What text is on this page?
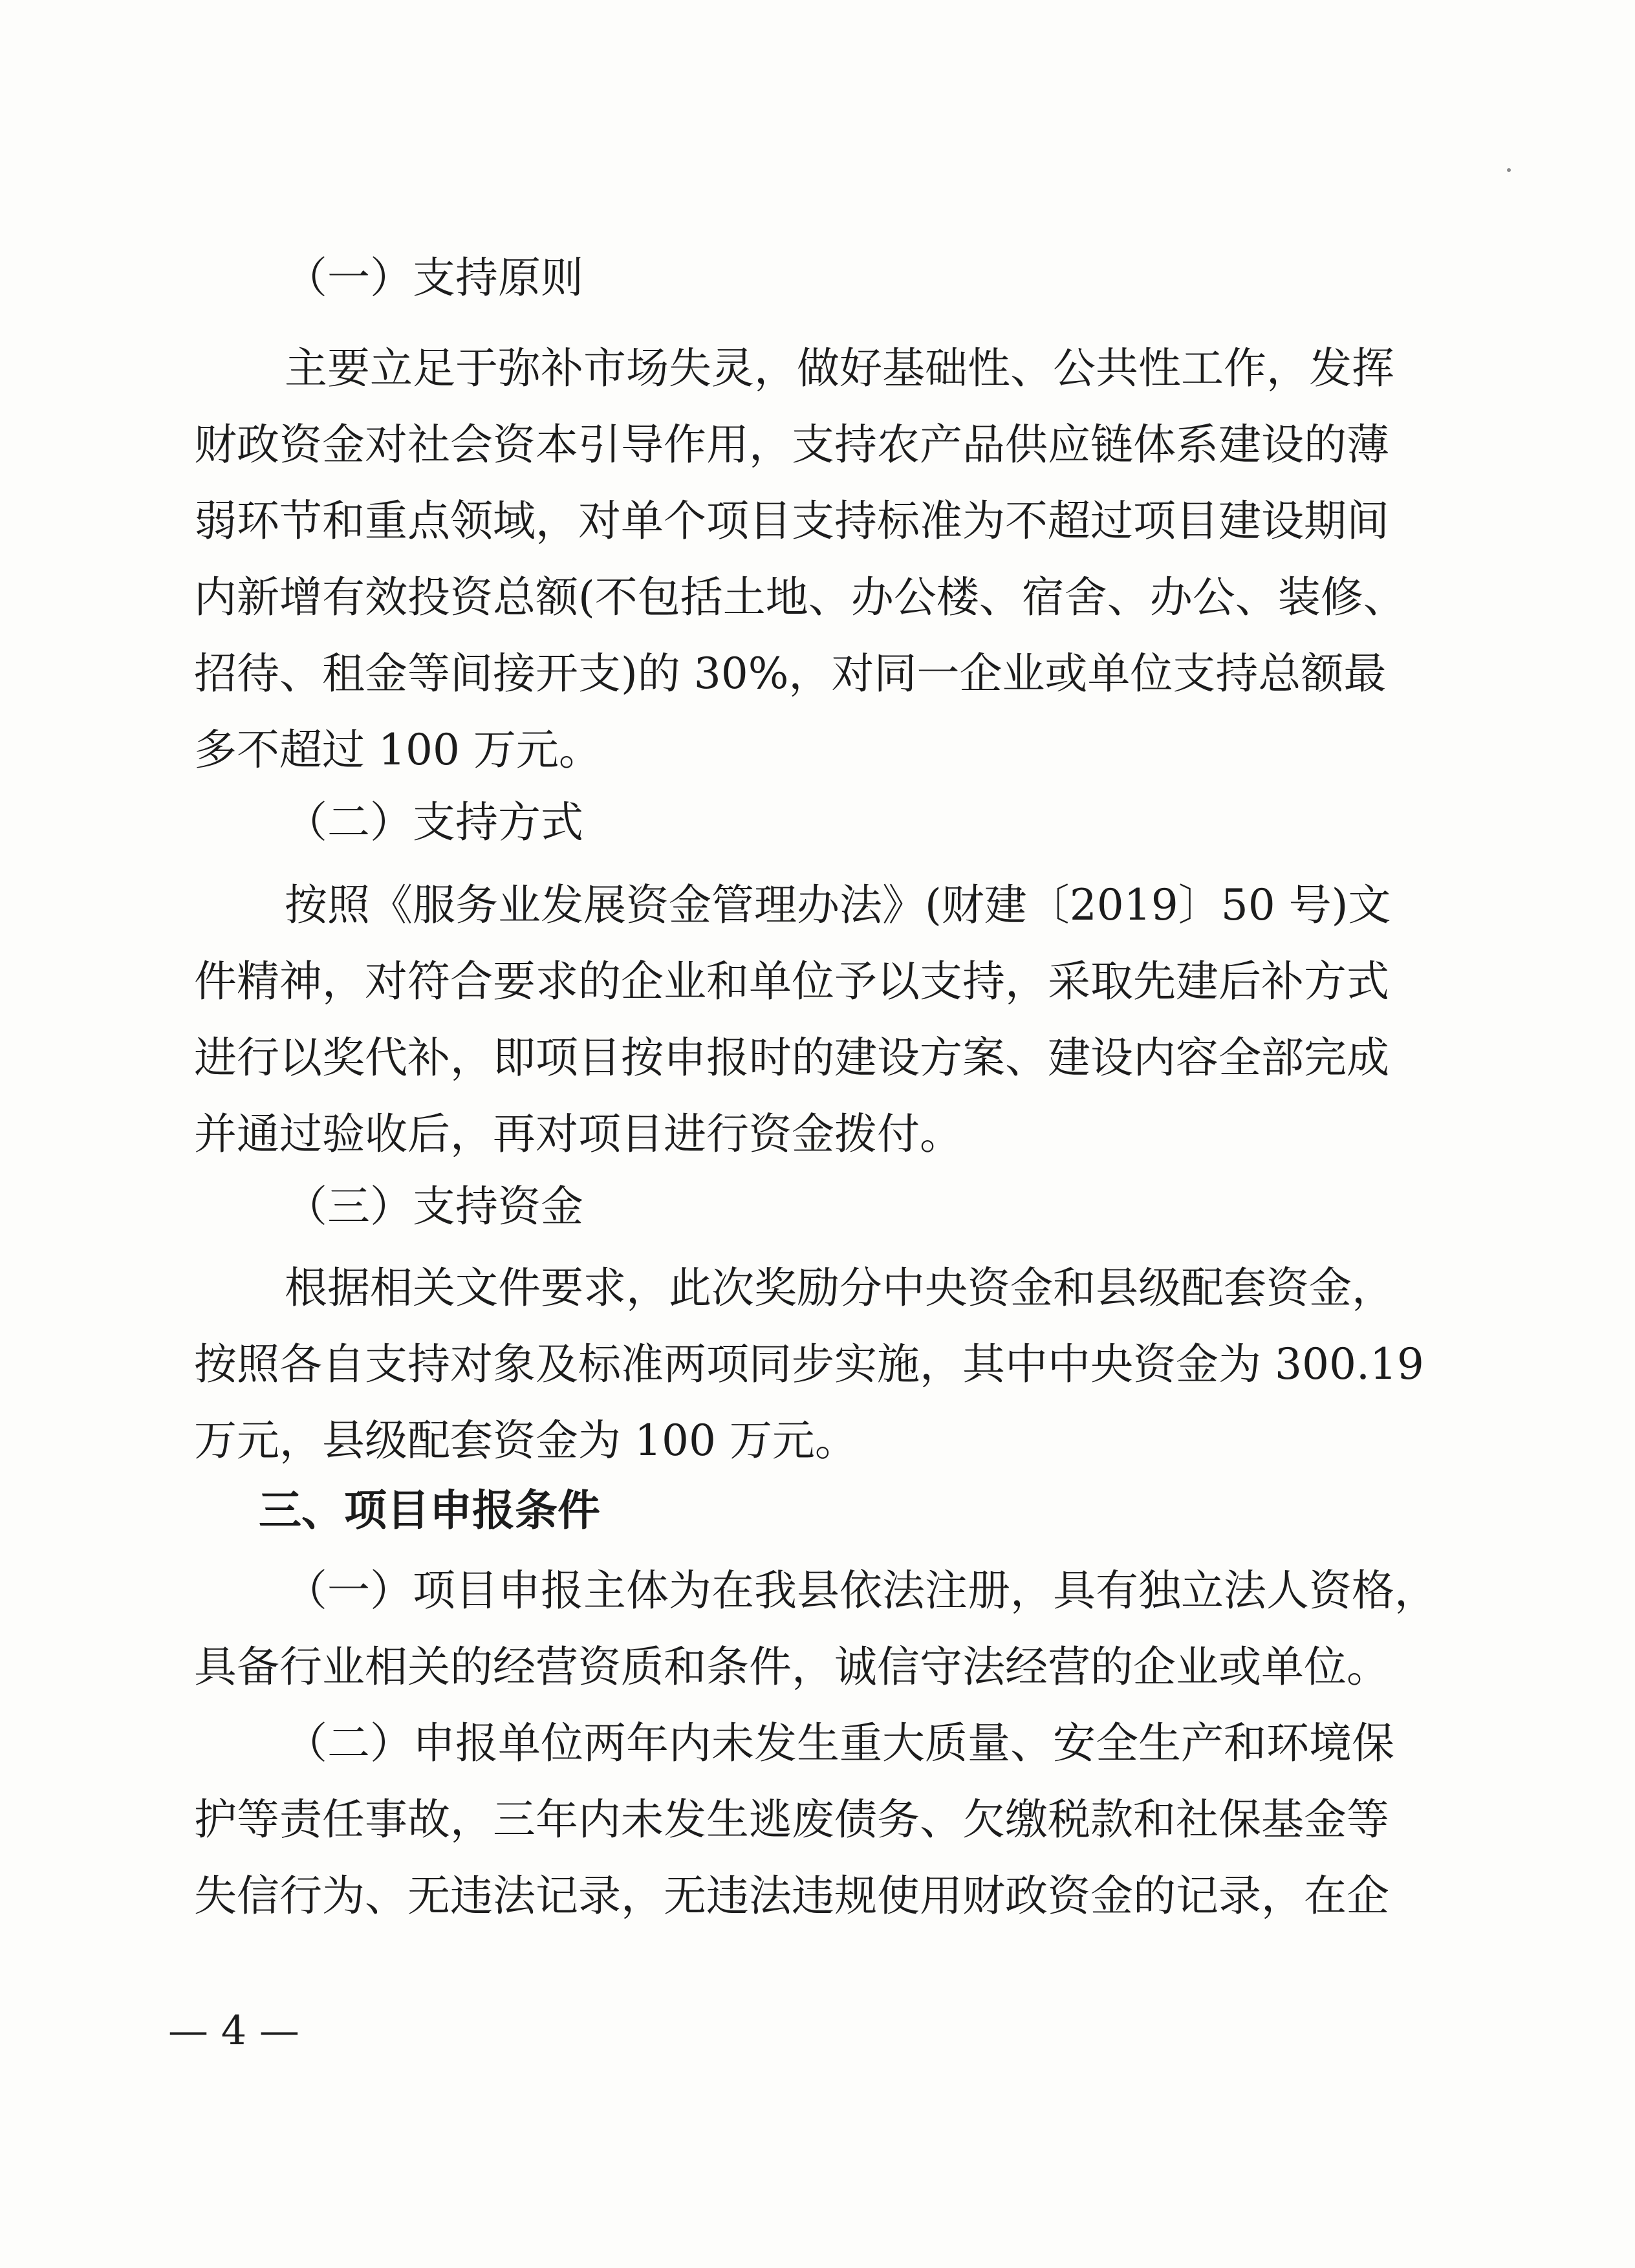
（一）支持原则
主要立足于弥补市场失灵，做好基础性、公共性工作，发挥
财政资金对社会资本引导作用，支持农产品供应链体系建设的薄
弱环节和重点领域，对单个项目支持标准为不超过项目建设期间
内新增有效投资总额(不包括土地、办公楼、宿舍、办公、装修、
招待、租金等间接开支)的 30%，对同一企业或单位支持总额最
多不超过 100 万元。
（二）支持方式
按照《服务业发展资金管理办法》(财建〔2019〕50 号)文
件精神，对符合要求的企业和单位予以支持，采取先建后补方式
进行以奖代补，即项目按申报时的建设方案、建设内容全部完成
并通过验收后，再对项目进行资金拨付。
（三）支持资金
根据相关文件要求，此次奖励分中央资金和县级配套资金，
按照各自支持对象及标准两项同步实施，其中中央资金为 300.19
万元，县级配套资金为 100 万元。
三、项目申报条件
（一）项目申报主体为在我县依法注册，具有独立法人资格，
具备行业相关的经营资质和条件，诚信守法经营的企业或单位。
（二）申报单位两年内未发生重大质量、安全生产和环境保
护等责任事故，三年内未发生逃废债务、欠缴税款和社保基金等
失信行为、无违法记录，无违法违规使用财政资金的记录，在企
— 4 —
